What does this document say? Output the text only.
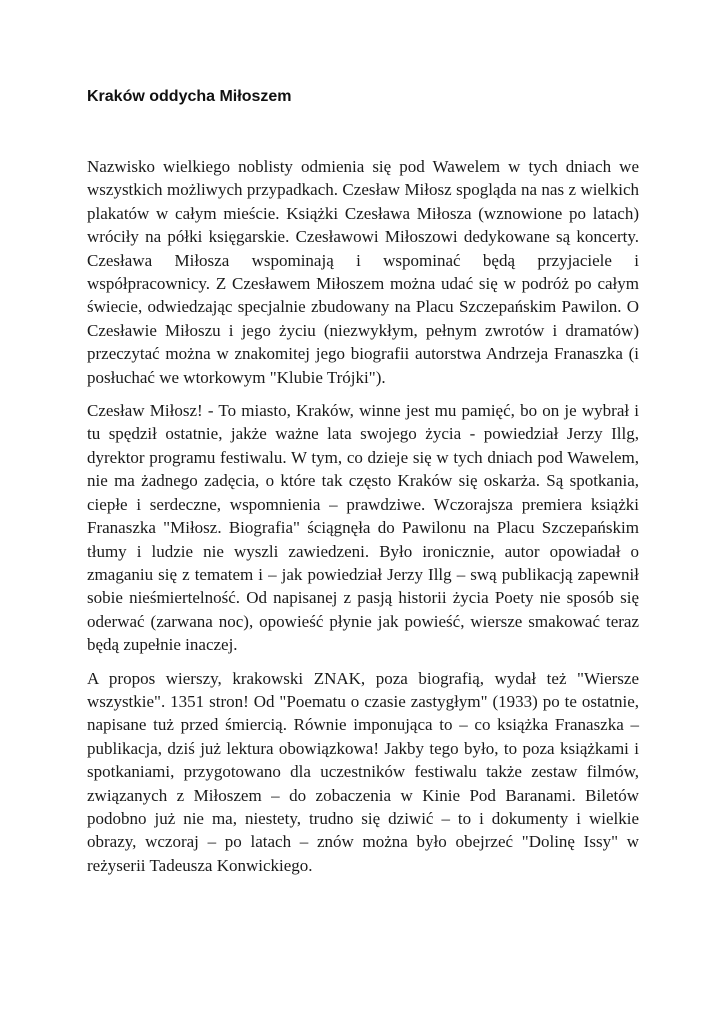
Kraków oddycha Miłoszem

Nazwisko wielkiego noblisty odmienia się pod Wawelem w tych dniach we wszystkich możliwych przypadkach. Czesław Miłosz spogląda na nas z wielkich plakatów w całym mieście. Książki Czesława Miłosza (wznowione po latach) wróciły na półki księgarskie. Czesławowi Miłoszowi dedykowane są koncerty. Czesława Miłosza wspominają i wspominać będą przyjaciele i współpracownicy. Z Czesławem Miłoszem można udać się w podróż po całym świecie, odwiedzając specjalnie zbudowany na Placu Szczepańskim Pawilon. O Czesławie Miłoszu i jego życiu (niezwykłym, pełnym zwrotów i dramatów) przeczytać można w znakomitej jego biografii autorstwa Andrzeja Franaszka (i posłuchać we wtorkowym "Klubie Trójki").

Czesław Miłosz! - To miasto, Kraków, winne jest mu pamięć, bo on je wybrał i tu spędził ostatnie, jakże ważne lata swojego życia - powiedział Jerzy Illg, dyrektor programu festiwalu. W tym, co dzieje się w tych dniach pod Wawelem, nie ma żadnego zadęcia, o które tak często Kraków się oskarża. Są spotkania, ciepłe i serdeczne, wspomnienia – prawdziwe. Wczorajsza premiera książki Franaszka "Miłosz. Biografia" ściągnęła do Pawilonu na Placu Szczepańskim tłumy i ludzie nie wyszli zawiedzeni. Było ironicznie, autor opowiadał o zmaganiu się z tematem i – jak powiedział Jerzy Illg – swą publikacją zapewnił sobie nieśmiertelność. Od napisanej z pasją historii życia Poety nie sposób się oderwać (zarwana noc), opowieść płynie jak powieść, wiersze smakować teraz będą zupełnie inaczej.

A propos wierszy, krakowski ZNAK, poza biografią, wydał też "Wiersze wszystkie". 1351 stron! Od "Poematu o czasie zastygłym" (1933) po te ostatnie, napisane tuż przed śmiercią. Równie imponująca to – co książka Franaszka – publikacja, dziś już lektura obowiązkowa! Jakby tego było, to poza książkami i spotkaniami, przygotowano dla uczestników festiwalu także zestaw filmów, związanych z Miłoszem – do zobaczenia w Kinie Pod Baranami. Biletów podobno już nie ma, niestety, trudno się dziwić – to i dokumenty i wielkie obrazy, wczoraj – po latach – znów można było obejrzeć "Dolinę Issy" w reżyserii Tadeusza Konwickiego.
